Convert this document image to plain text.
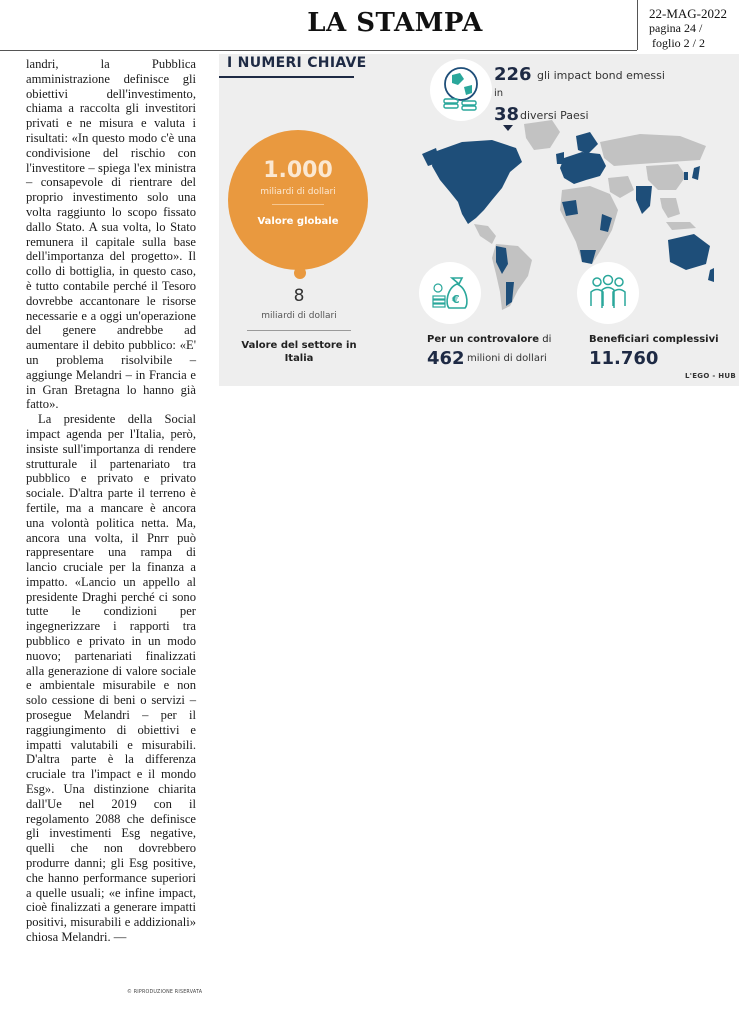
LA STAMPA	22-MAG-2022
pagina 24 /
foglio 2 / 2

landri, la Pubblica amministrazione definisce gli obiettivi dell'investimento, chiama a raccolta gli investitori privati e ne misura e valuta i risultati: «In questo modo c'è una condivisione del rischio con l'investitore – spiega l'ex ministra – consapevole di rientrare del proprio investimento solo una volta raggiunto lo scopo fissato dallo Stato. A sua volta, lo Stato remunera il capitale sulla base dell'importanza del progetto». Il collo di bottiglia, in questo caso, è tutto contabile perché il Tesoro dovrebbe accantonare le risorse necessarie e a oggi un'operazione del genere andrebbe ad aumentare il debito pubblico: «E' un problema risolvibile – aggiunge Melandri – in Francia e in Gran Bretagna lo hanno già fatto».

La presidente della Social impact agenda per l'Italia, però, insiste sull'importanza di rendere strutturale il partenariato tra pubblico e privato e privato sociale. D'altra parte il terreno è fertile, ma a mancare è ancora una volontà politica netta. Ma, ancora una volta, il Pnrr può rappresentare una rampa di lancio cruciale per la finanza a impatto. «Lancio un appello al presidente Draghi perché ci sono tutte le condizioni per ingegnerizzare i rapporti tra pubblico e privato in un modo nuovo; partenariati finalizzati alla generazione di valore sociale e ambientale misurabile e non solo cessione di beni o servizi – prosegue Melandri – per il raggiungimento di obiettivi e impatti valutabili e misurabili. D'altra parte è la differenza cruciale tra l'impact e il mondo Esg». Una distinzione chiarita dall'Ue nel 2019 con il regolamento 2088 che definisce gli investimenti Esg negative, quelli che non dovrebbero produrre danni; gli Esg positive, che hanno performance superiori a quelle usuali; «e infine impact, cioè finalizzati a generare impatti positivi, misurabili e addizionali» chiosa Melandri. —

© RIPRODUZIONE RISERVATA
I NUMERI CHIAVE
226 gli impact bond emessi
in
38 diversi Paesi
1.000
miliardi di dollari
Valore globale
8
miliardi di dollari
Valore del settore in Italia
€
Per un controvalore di
462 milioni di dollari
Beneficiari complessivi
11.760
L'EGO - HUB
